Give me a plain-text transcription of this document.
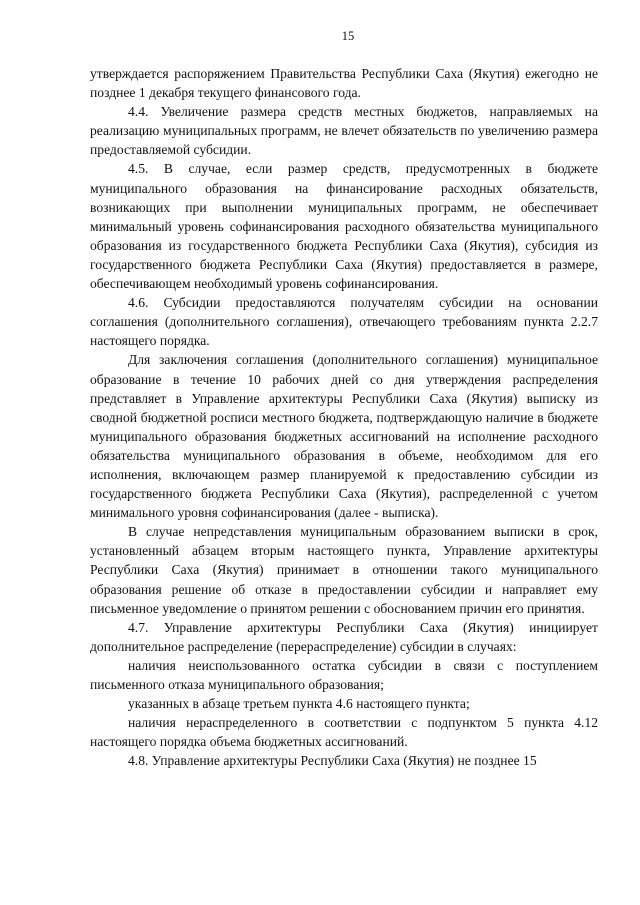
15

утверждается распоряжением Правительства Республики Саха (Якутия) ежегодно не позднее 1 декабря текущего финансового года.

4.4. Увеличение размера средств местных бюджетов, направляемых на реализацию муниципальных программ, не влечет обязательств по увеличению размера предоставляемой субсидии.

4.5. В случае, если размер средств, предусмотренных в бюджете муниципального образования на финансирование расходных обязательств, возникающих при выполнении муниципальных программ, не обеспечивает минимальный уровень софинансирования расходного обязательства муниципального образования из государственного бюджета Республики Саха (Якутия), субсидия из государственного бюджета Республики Саха (Якутия) предоставляется в размере, обеспечивающем необходимый уровень софинансирования.

4.6. Субсидии предоставляются получателям субсидии на основании соглашения (дополнительного соглашения), отвечающего требованиям пункта 2.2.7 настоящего порядка.

Для заключения соглашения (дополнительного соглашения) муниципальное образование в течение 10 рабочих дней со дня утверждения распределения представляет в Управление архитектуры Республики Саха (Якутия) выписку из сводной бюджетной росписи местного бюджета, подтверждающую наличие в бюджете муниципального образования бюджетных ассигнований на исполнение расходного обязательства муниципального образования в объеме, необходимом для его исполнения, включающем размер планируемой к предоставлению субсидии из государственного бюджета Республики Саха (Якутия), распределенной с учетом минимального уровня софинансирования (далее - выписка).

В случае непредставления муниципальным образованием выписки в срок, установленный абзацем вторым настоящего пункта, Управление архитектуры Республики Саха (Якутия) принимает в отношении такого муниципального образования решение об отказе в предоставлении субсидии и направляет ему письменное уведомление о принятом решении с обоснованием причин его принятия.

4.7. Управление архитектуры Республики Саха (Якутия) инициирует дополнительное распределение (перераспределение) субсидии в случаях:

наличия неиспользованного остатка субсидии в связи с поступлением письменного отказа муниципального образования;

указанных в абзаце третьем пункта 4.6 настоящего пункта;

наличия нераспределенного в соответствии с подпунктом 5 пункта 4.12 настоящего порядка объема бюджетных ассигнований.

4.8. Управление архитектуры Республики Саха (Якутия) не позднее 15
